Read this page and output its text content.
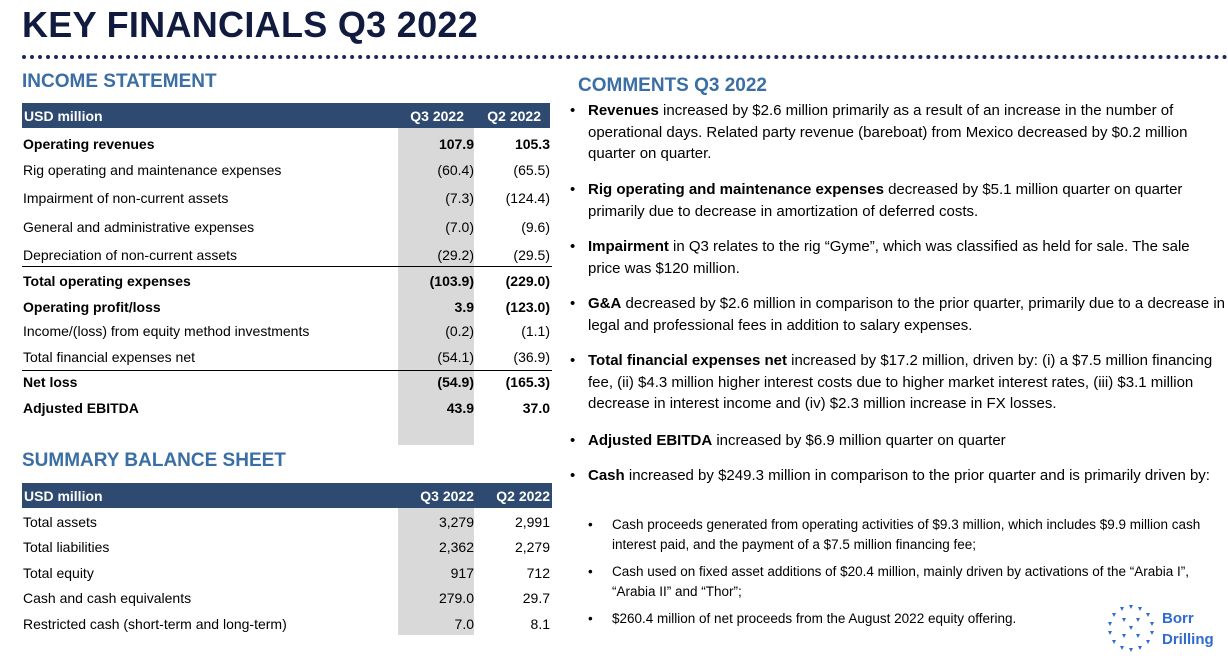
KEY FINANCIALS Q3 2022
INCOME STATEMENT
USD million	Q3 2022	Q2 2022
Operating revenues	107.9	105.3
Rig operating and maintenance expenses	(60.4)	(65.5)
Impairment of non-current assets	(7.3)	(124.4)
General and administrative expenses	(7.0)	(9.6)
Depreciation of non-current assets	(29.2)	(29.5)
Total operating expenses	(103.9)	(229.0)
Operating profit/loss	3.9	(123.0)
Income/(loss) from equity method investments	(0.2)	(1.1)
Total financial expenses net	(54.1)	(36.9)
Net loss	(54.9)	(165.3)
Adjusted EBITDA	43.9	37.0
SUMMARY BALANCE SHEET
USD million	Q3 2022	Q2 2022
Total assets	3,279	2,991
Total liabilities	2,362	2,279
Total equity	917	712
Cash and cash equivalents	279.0	29.7
Restricted cash (short-term and long-term)	7.0	8.1
COMMENTS Q3 2022
• Revenues increased by $2.6 million primarily as a result of an increase in the number of operational days. Related party revenue (bareboat) from Mexico decreased by $0.2 million quarter on quarter.
• Rig operating and maintenance expenses decreased by $5.1 million quarter on quarter primarily due to decrease in amortization of deferred costs.
• Impairment in Q3 relates to the rig “Gyme”, which was classified as held for sale. The sale price was $120 million.
• G&A decreased by $2.6 million in comparison to the prior quarter, primarily due to a decrease in legal and professional fees in addition to salary expenses.
• Total financial expenses net increased by $17.2 million, driven by: (i) a $7.5 million financing fee, (ii) $4.3 million higher interest costs due to higher market interest rates, (iii) $3.1 million decrease in interest income and (iv) $2.3 million increase in FX losses.
• Adjusted EBITDA increased by $6.9 million quarter on quarter
• Cash increased by $249.3 million in comparison to the prior quarter and is primarily driven by:
• Cash proceeds generated from operating activities of $9.3 million, which includes $9.9 million cash interest paid, and the payment of a $7.5 million financing fee;
• Cash used on fixed asset additions of $20.4 million, mainly driven by activations of the “Arabia I”, “Arabia II” and “Thor”;
• $260.4 million of net proceeds from the August 2022 equity offering.	Borr
Drilling
